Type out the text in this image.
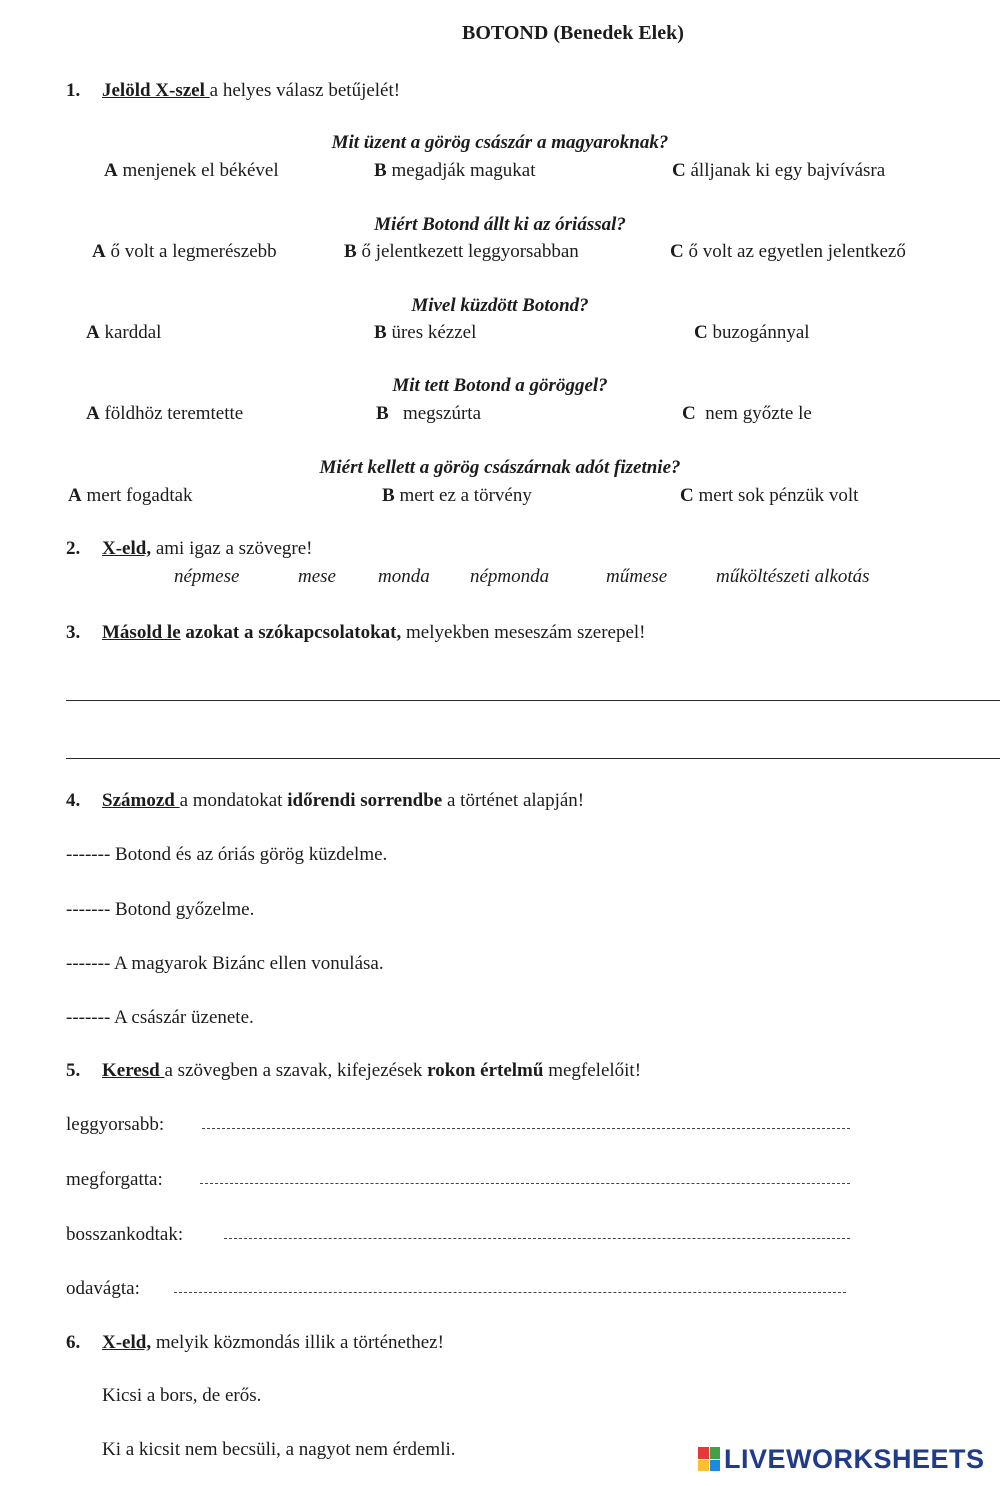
BOTOND (Benedek Elek)
1. Jelöld X-szel a helyes válasz betűjelét!
Mit üzent a görög császár a magyaroknak?
A menjenek el békével	B megadják magukat	C álljanak ki egy bajvívásra
Miért Botond állt ki az óriással?
A ő volt a legmerészebb	B ő jelentkezett leggyorsabban	C ő volt az egyetlen jelentkező
Mivel küzdött Botond?
A karddal	B üres kézzel	C buzogánnyal
Mit tett Botond a göröggel?
A földhöz teremtette	B   megszúrta	C  nem győzte le
Miért kellett a görög császárnak adót fizetnie?
A mert fogadtak	B mert ez a törvény	C mert sok pénzük volt
2. X-eld, ami igaz a szövegre!
népmese	mese monda népmonda	műmese	műköltészeti alkotás
3. Másold le azokat a szókapcsolatokat, melyekben meseszám szerepel!
4. Számozd a mondatokat időrendi sorrendbe a történet alapján!
------- Botond és az óriás görög küzdelme.
------- Botond győzelme.
------- A magyarok Bizánc ellen vonulása.
------- A császár üzenete.
5. Keresd a szövegben a szavak, kifejezések rokon értelmű megfelelőit!
leggyorsabb:
megforgatta:
bosszankodtak:
odavágta:
6. X-eld, melyik közmondás illik a történethez!
Kicsi a bors, de erős.
Ki a kicsit nem becsüli, a nagyot nem érdemli.	LIVEWORKSHEETS
